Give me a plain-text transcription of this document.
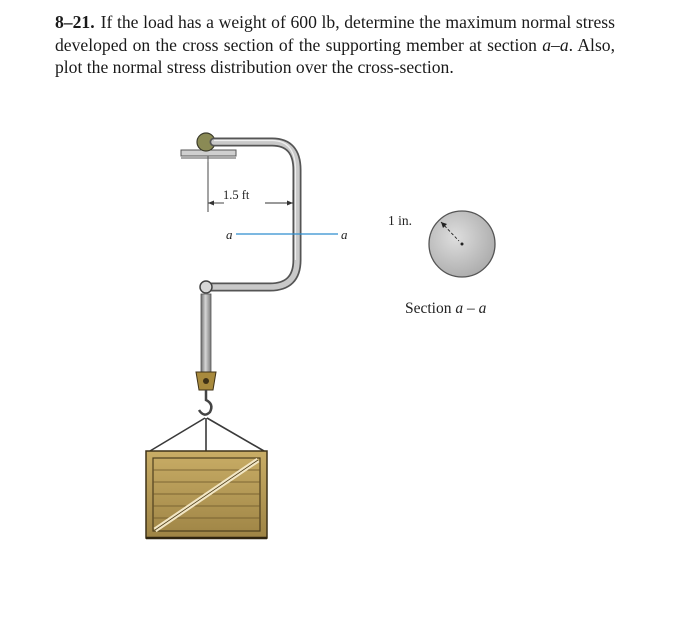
8–21. If the load has a weight of 600 lb, determine the maximum normal stress developed on the cross section of the supporting member at section a–a. Also, plot the normal stress distribution over the cross-section.
1.5 ft
a	a
1 in.
Section a – a
